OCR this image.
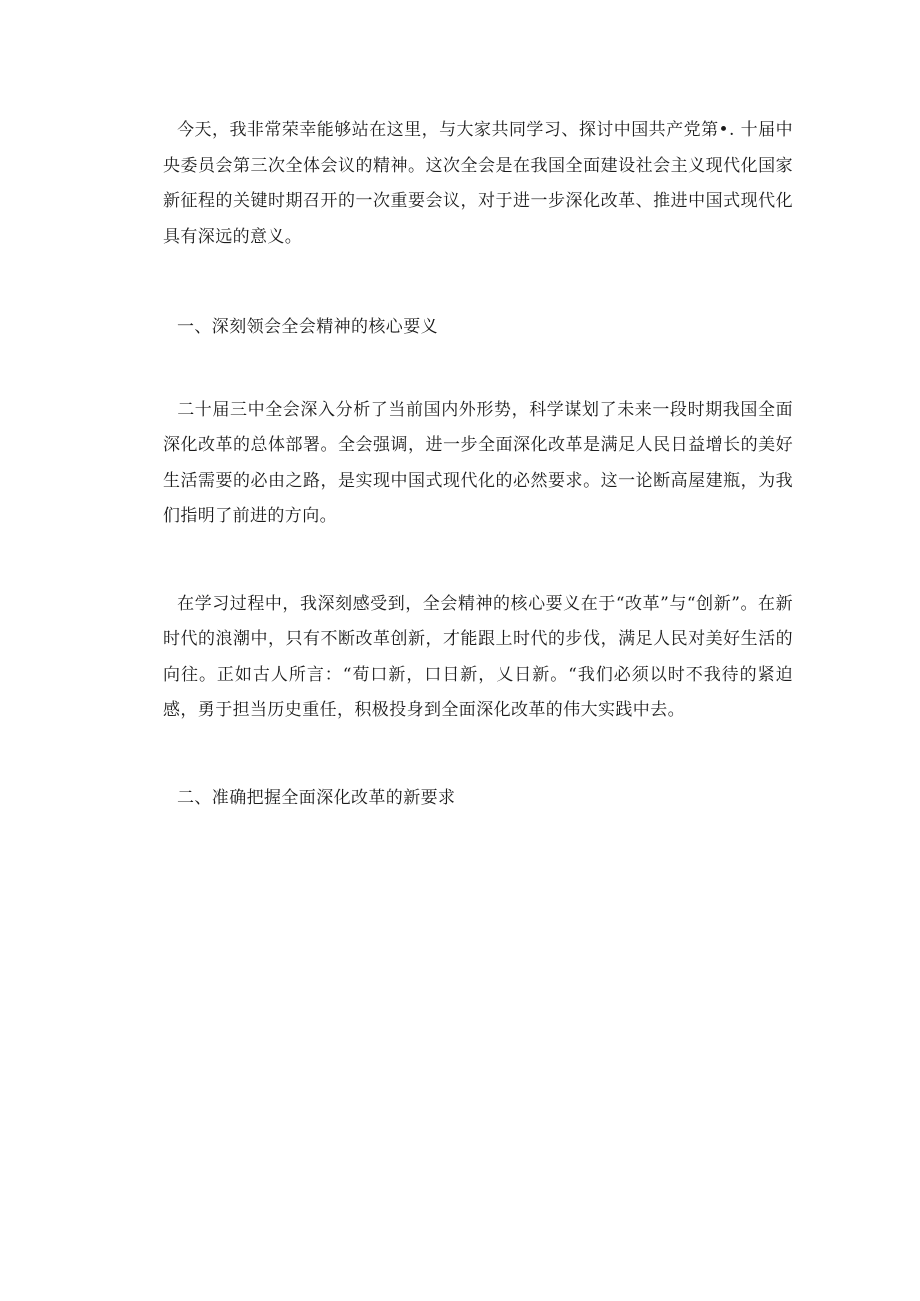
今天，我非常荣幸能够站在这里，与大家共同学习、探讨中国共产党第•. 十届中央委员会第三次全体会议的精神。这次全会是在我国全面建设社会主义现代化国家新征程的关键时期召开的一次重要会议，对于进一步深化改革、推进中国式现代化具有深远的意义。

一、深刻领会全会精神的核心要义

二十届三中全会深入分析了当前国内外形势，科学谋划了未来一段时期我国全面深化改革的总体部署。全会强调，进一步全面深化改革是满足人民日益增长的美好生活需要的必由之路，是实现中国式现代化的必然要求。这一论断高屋建瓶，为我们指明了前进的方向。

在学习过程中，我深刻感受到，全会精神的核心要义在于“改革”与“创新”。在新时代的浪潮中，只有不断改革创新，才能跟上时代的步伐，满足人民对美好生活的向往。正如古人所言：“荀口新，口日新，乂日新。“我们必须以时不我待的紧迫感，勇于担当历史重任，积极投身到全面深化改革的伟大实践中去。

二、准确把握全面深化改革的新要求
